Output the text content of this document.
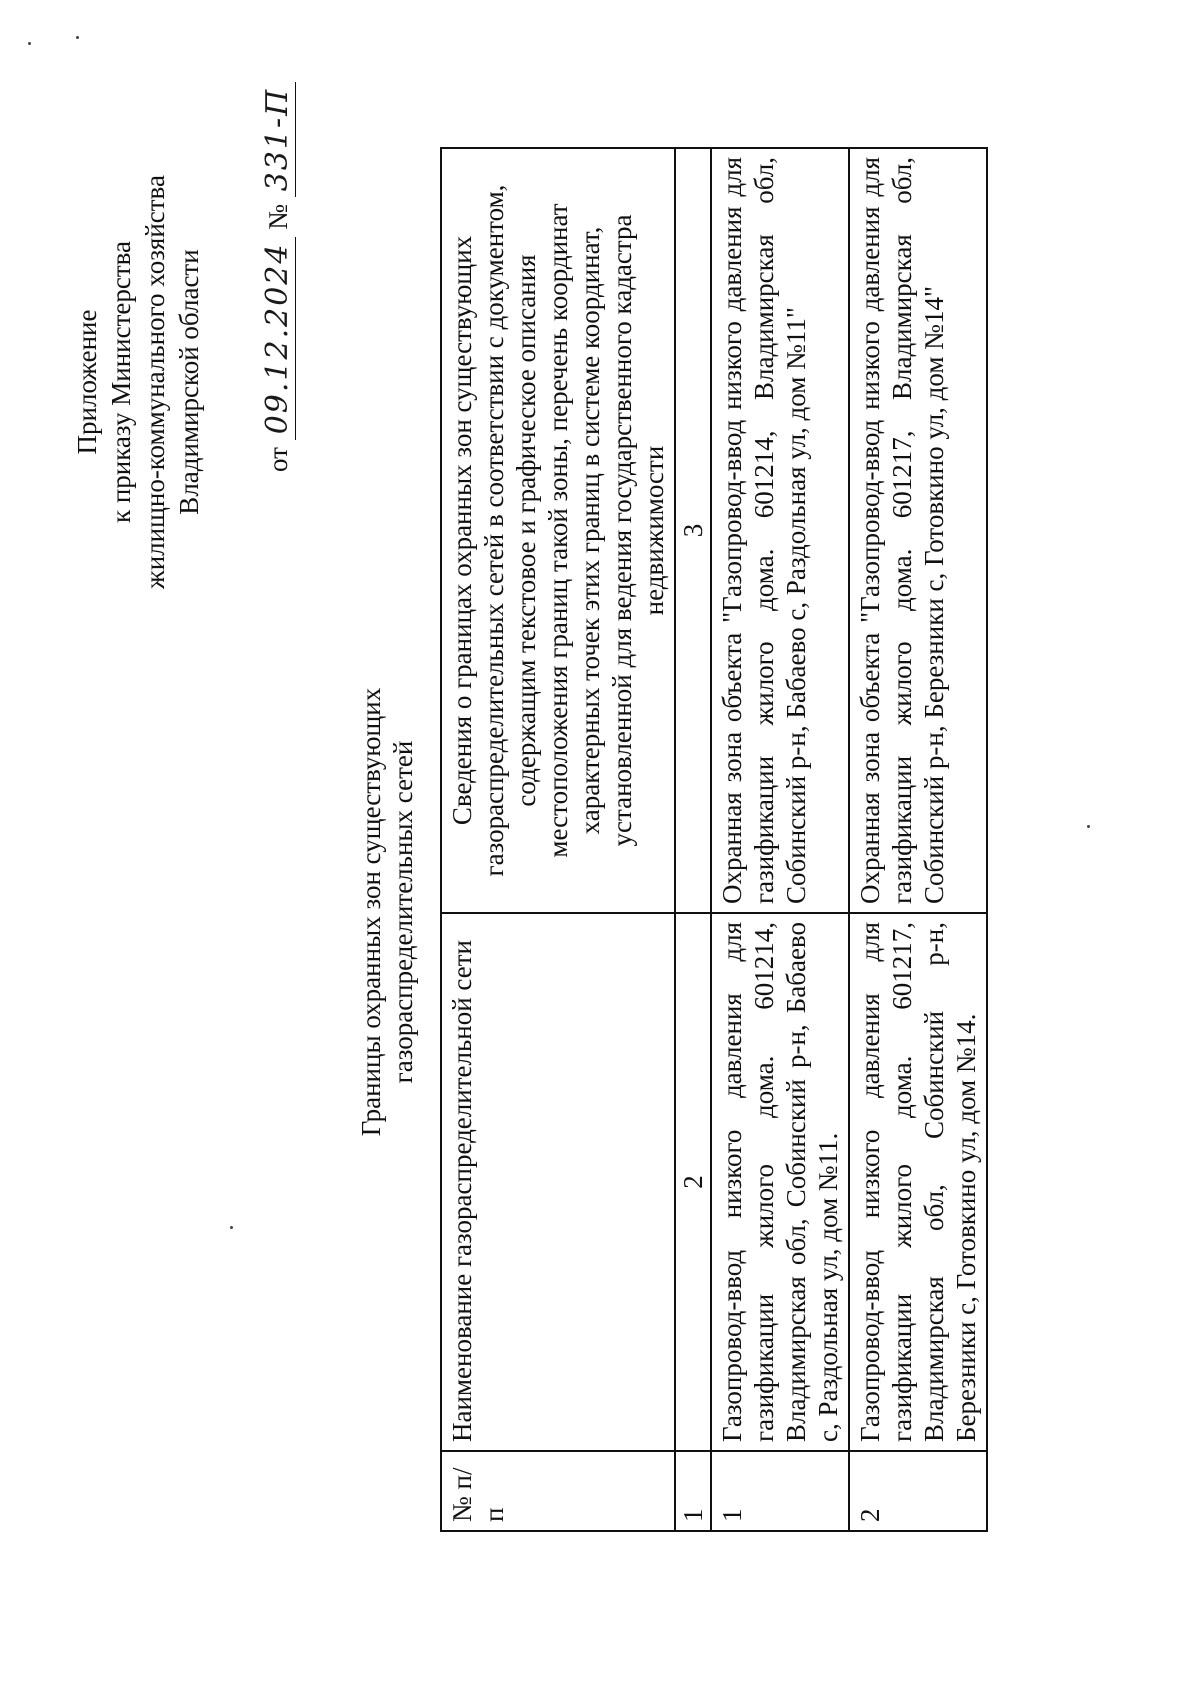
Приложение к приказу Министерства жилищно-коммунального хозяйства Владимирской области от 09.12.2024 № 331-П
Границы охранных зон существующих газораспределительных сетей
№ п/п	Наименование газораспределительной сети	Сведения о границах охранных зон существующих газораспределительных сетей в соответствии с документом, содержащим текстовое и графическое описания местоположения границ такой зоны, перечень координат характерных точек этих границ в системе координат, установленной для ведения государственного кадастра недвижимости
1	2	3
1	Газопровод-ввод низкого давления для газификации жилого дома. 601214, Владимирская обл, Собинский р-н, Бабаево с, Раздольная ул, дом №11.	Охранная зона объекта "Газопровод-ввод низкого давления для газификации жилого дома. 601214, Владимирская обл, Собинский р-н, Бабаево с, Раздольная ул, дом №11"
2	Газопровод-ввод низкого давления для газификации жилого дома. 601217, Владимирская обл, Собинский р-н, Березники с, Готовкино ул, дом №14.	Охранная зона объекта "Газопровод-ввод низкого давления для газификации жилого дома. 601217, Владимирская обл, Собинский р-н, Березники с, Готовкино ул, дом №14"
